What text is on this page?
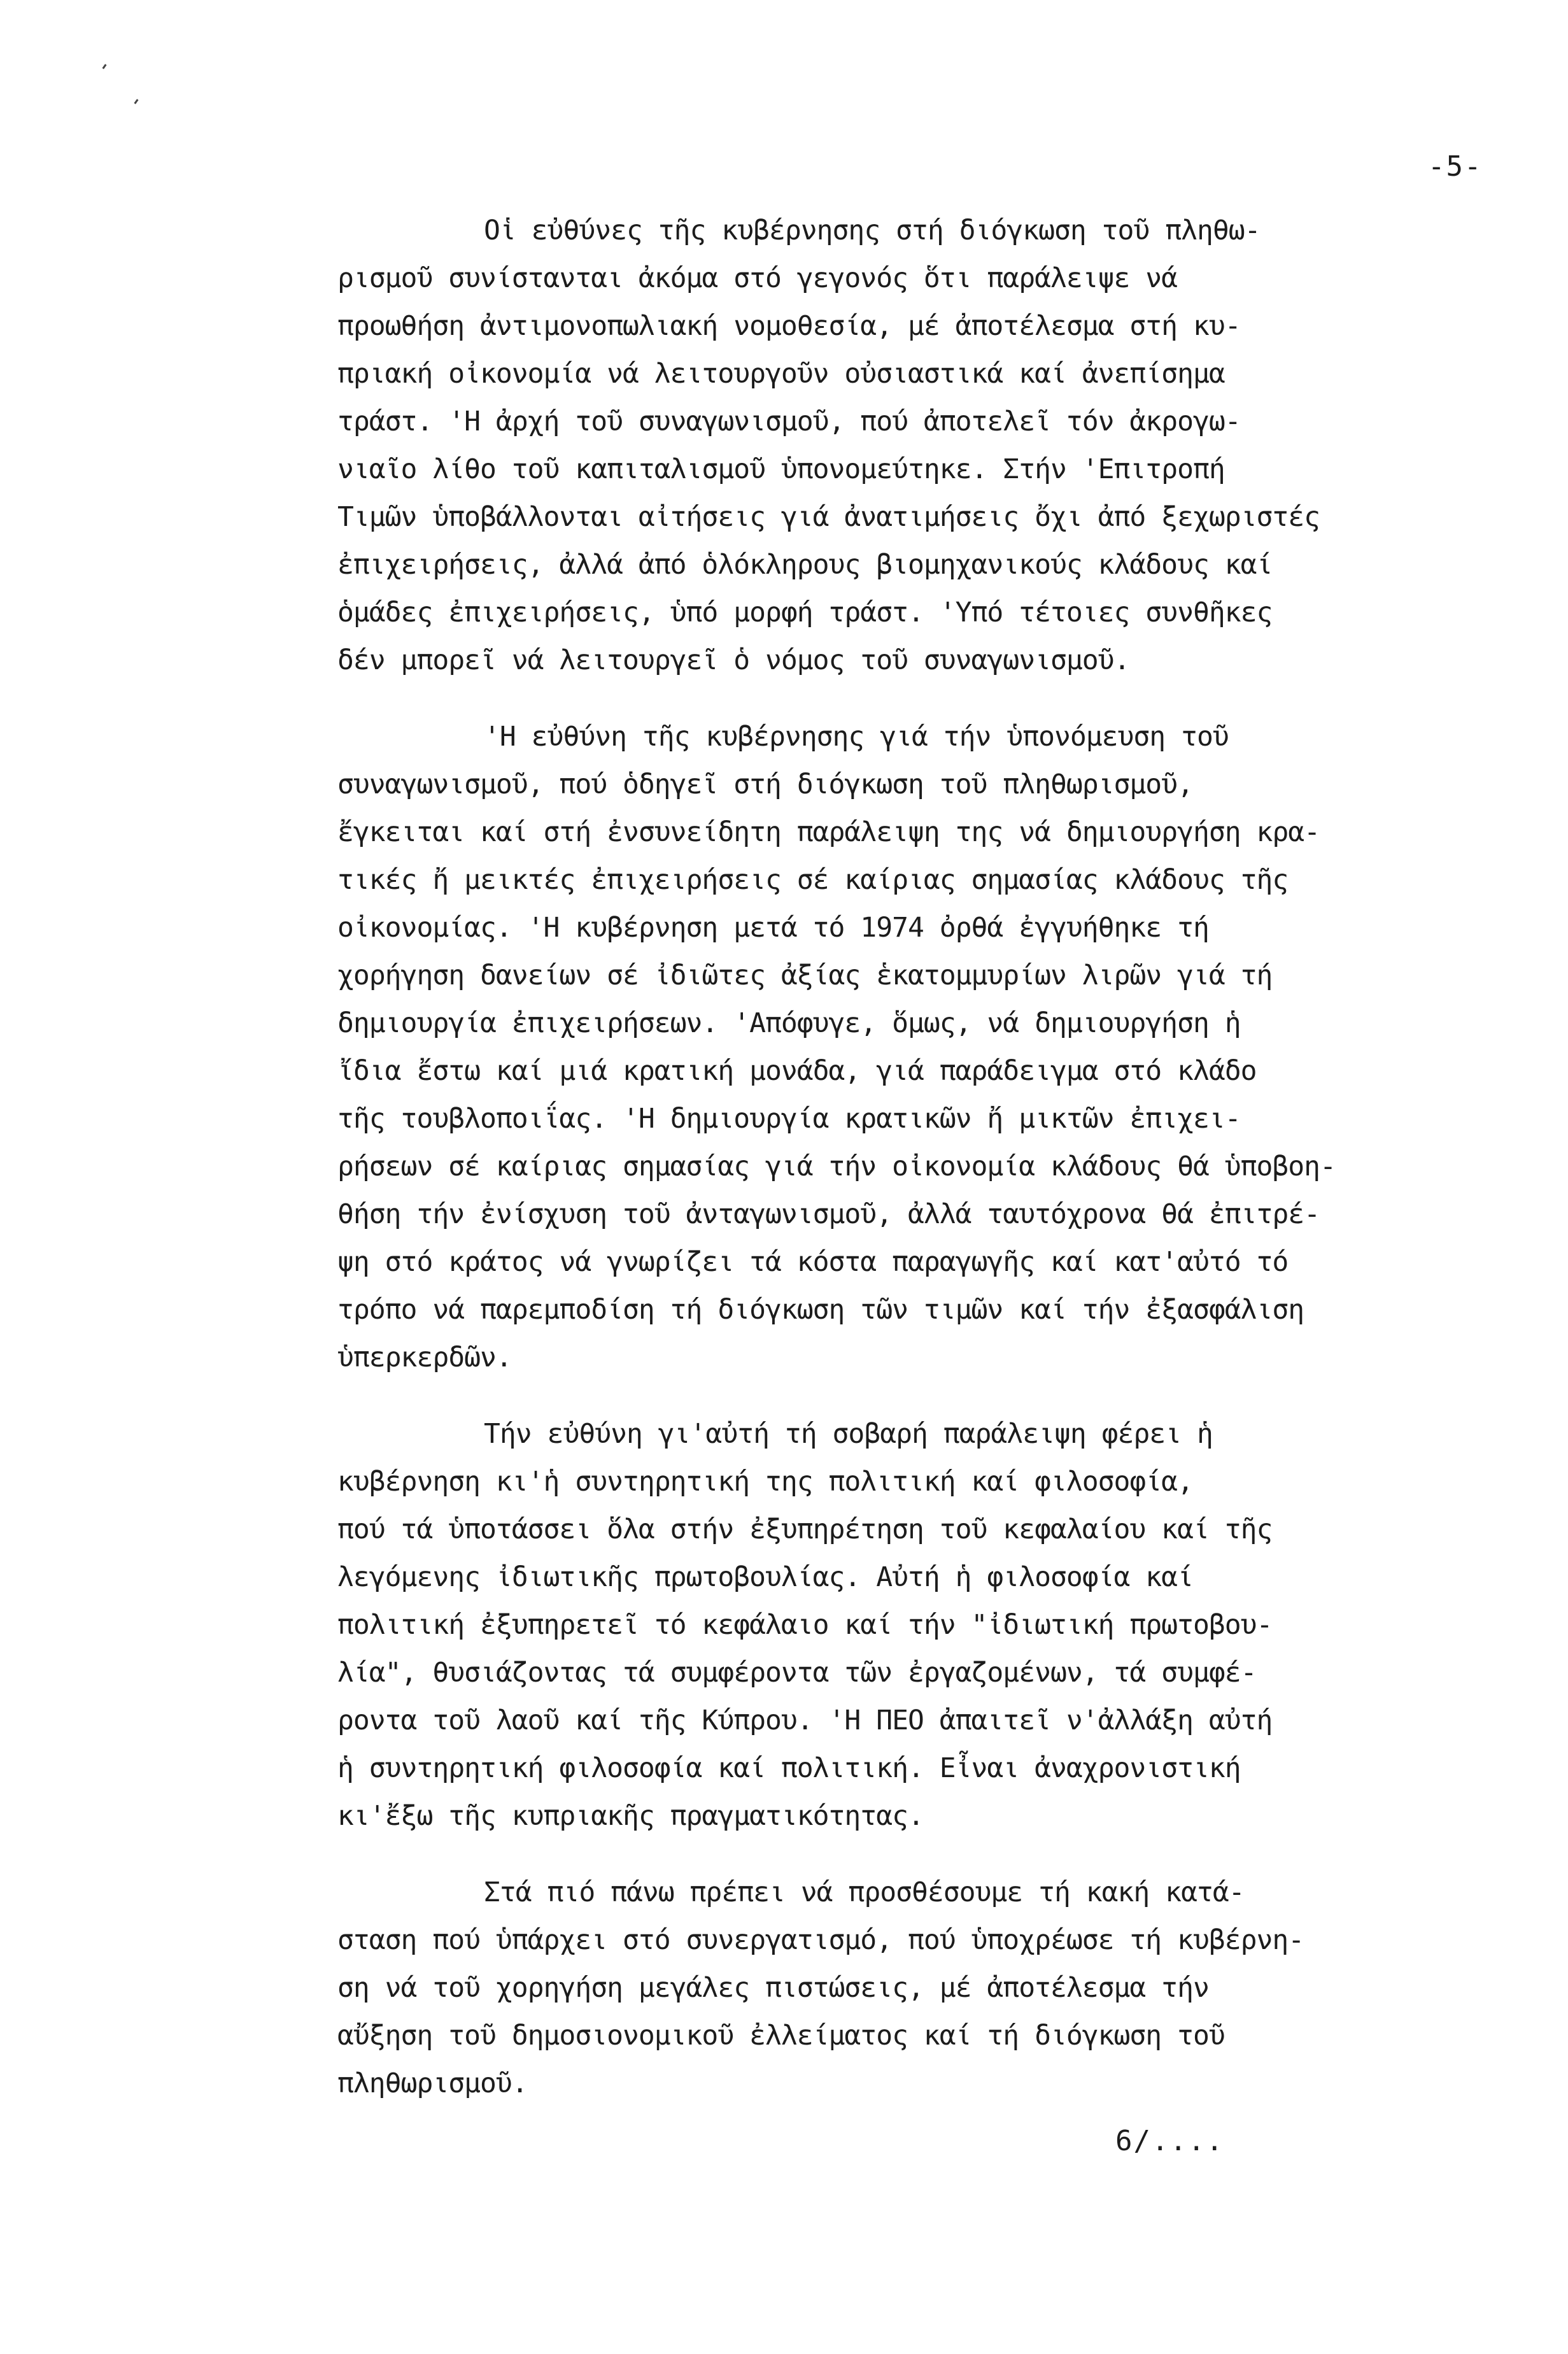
-5-

Οἱ εὐθύνες τῆς κυβέρνησης στή διόγκωση τοῦ πληθω-
ρισμοῦ συνίστανται ἀκόμα στό γεγονός ὅτι παράλειψε νά
προωθήση ἀντιμονοπωλιακή νομοθεσία, μέ ἀποτέλεσμα στή κυ-
πριακή οἰκονομία νά λειτουργοῦν οὐσιαστικά καί ἀνεπίσημα
τράστ. 'Η ἀρχή τοῦ συναγωνισμοῦ, πού ἀποτελεῖ τόν ἀκρογω-
νιαῖο λίθο τοῦ καπιταλισμοῦ ὑπονομεύτηκε. Στήν 'Επιτροπή
Τιμῶν ὑποβάλλονται αἰτήσεις γιά ἀνατιμήσεις ὄχι ἀπό ξεχωριστές
ἐπιχειρήσεις, ἀλλά ἀπό ὁλόκληρους βιομηχανικούς κλάδους καί
ὁμάδες ἐπιχειρήσεις, ὑπό μορφή τράστ. 'Υπό τέτοιες συνθῆκες
δέν μπορεῖ νά λειτουργεῖ ὁ νόμος τοῦ συναγωνισμοῦ.

'Η εὐθύνη τῆς κυβέρνησης γιά τήν ὑπονόμευση τοῦ
συναγωνισμοῦ, πού ὁδηγεῖ στή διόγκωση τοῦ πληθωρισμοῦ,
ἔγκειται καί στή ἐνσυνείδητη παράλειψη της νά δημιουργήση κρα-
τικές ἤ μεικτές ἐπιχειρήσεις σέ καίριας σημασίας κλάδους τῆς
οἰκονομίας. 'Η κυβέρνηση μετά τό 1974 ὀρθά ἐγγυήθηκε τή
χορήγηση δανείων σέ ἰδιῶτες ἀξίας ἑκατομμυρίων λιρῶν γιά τή
δημιουργία ἐπιχειρήσεων. 'Απόφυγε, ὅμως, νά δημιουργήση ἡ
ἴδια ἔστω καί μιά κρατική μονάδα, γιά παράδειγμα στό κλάδο
τῆς τουβλοποιΐας. 'Η δημιουργία κρατικῶν ἤ μικτῶν ἐπιχει-
ρήσεων σέ καίριας σημασίας γιά τήν οἰκονομία κλάδους θά ὑποβοη-
θήση τήν ἐνίσχυση τοῦ ἀνταγωνισμοῦ, ἀλλά ταυτόχρονα θά ἐπιτρέ-
ψη στό κράτος νά γνωρίζει τά κόστα παραγωγῆς καί κατ'αὐτό τό
τρόπο νά παρεμποδίση τή διόγκωση τῶν τιμῶν καί τήν ἐξασφάλιση
ὑπερκερδῶν.

Τήν εὐθύνη γι'αὐτή τή σοβαρή παράλειψη φέρει ἡ
κυβέρνηση κι'ἡ συντηρητική της πολιτική καί φιλοσοφία,
πού τά ὑποτάσσει ὅλα στήν ἐξυπηρέτηση τοῦ κεφαλαίου καί τῆς
λεγόμενης ἰδιωτικῆς πρωτοβουλίας. Αὐτή ἡ φιλοσοφία καί
πολιτική ἐξυπηρετεῖ τό κεφάλαιο καί τήν "ἰδιωτική πρωτοβου-
λία", θυσιάζοντας τά συμφέροντα τῶν ἐργαζομένων, τά συμφέ-
ροντα τοῦ λαοῦ καί τῆς Κύπρου. 'Η ΠΕΟ ἀπαιτεῖ ν'ἀλλάξη αὐτή
ἡ συντηρητική φιλοσοφία καί πολιτική. Εἶναι ἀναχρονιστική
κι'ἔξω τῆς κυπριακῆς πραγματικότητας.

Στά πιό πάνω πρέπει νά προσθέσουμε τή κακή κατά-
σταση πού ὑπάρχει στό συνεργατισμό, πού ὑποχρέωσε τή κυβέρνη-
ση νά τοῦ χορηγήση μεγάλες πιστώσεις, μέ ἀποτέλεσμα τήν
αὔξηση τοῦ δημοσιονομικοῦ ἐλλείματος καί τή διόγκωση τοῦ
πληθωρισμοῦ.

6/....
